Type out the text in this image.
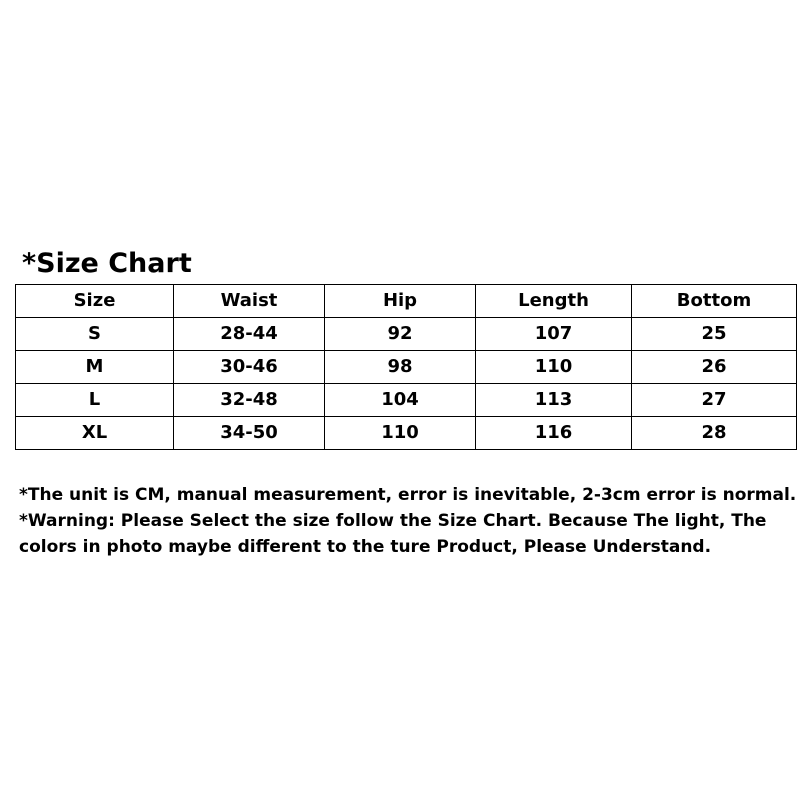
*Size Chart
Size	Waist	Hip	Length	Bottom
S	28-44	92	107	25
M	30-46	98	110	26
L	32-48	104	113	27
XL	34-50	110	116	28

*The unit is CM, manual measurement, error is inevitable, 2-3cm error is normal.

*Warning: Please Select the size follow the Size Chart. Because The light, The colors in photo maybe different to the ture Product, Please Understand.
